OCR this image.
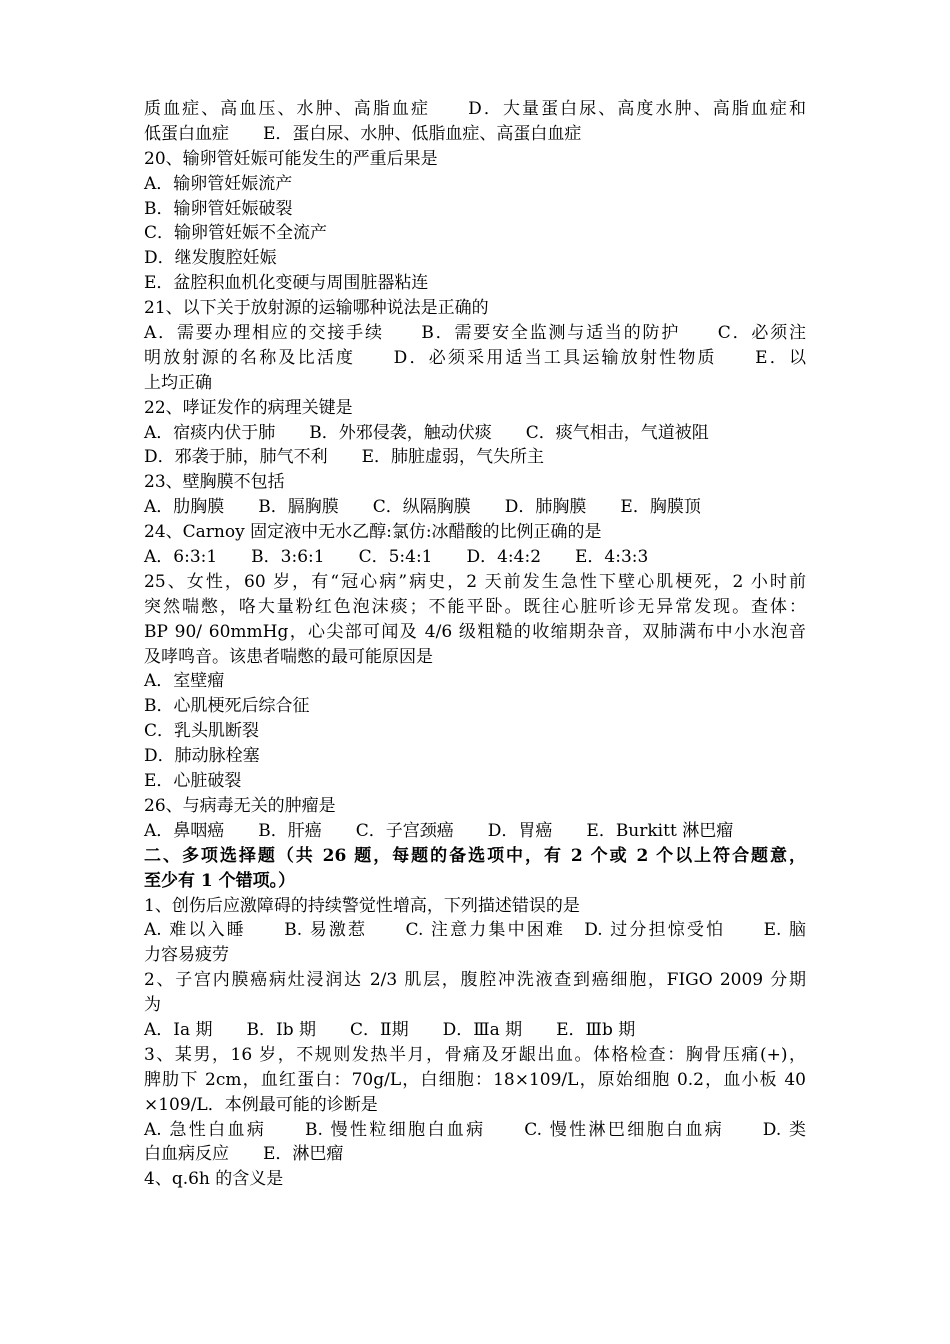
质血症、高血压、水肿、高脂血症　　D．大量蛋白尿、高度水肿、高脂血症和
低蛋白血症　　E．蛋白尿、水肿、低脂血症、高蛋白血症
20、输卵管妊娠可能发生的严重后果是
A．输卵管妊娠流产
B．输卵管妊娠破裂
C．输卵管妊娠不全流产
D．继发腹腔妊娠
E．盆腔积血机化变硬与周围脏器粘连
21、以下关于放射源的运输哪种说法是正确的
A．需要办理相应的交接手续　　B．需要安全监测与适当的防护　　C．必须注
明放射源的名称及比活度　　D．必须采用适当工具运输放射性物质　　E．以
上均正确
22、哮证发作的病理关键是
A．宿痰内伏于肺　　B．外邪侵袭，触动伏痰　　C．痰气相击，气道被阻
D．邪袭于肺，肺气不利　　E．肺脏虚弱，气失所主
23、壁胸膜不包括
A．肋胸膜　　B．膈胸膜　　C．纵隔胸膜　　D．肺胸膜　　E．胸膜顶
24、Carnoy 固定液中无水乙醇:氯仿:冰醋酸的比例正确的是
A．6:3:1　　B．3:6:1　　C．5:4:1　　D．4:4:2　　E．4:3:3
25、女性，60 岁，有“冠心病”病史，2 天前发生急性下壁心肌梗死，2 小时前
突然喘憋，咯大量粉红色泡沫痰；不能平卧。既往心脏听诊无异常发现。查体：
BP 90/ 60mmHg，心尖部可闻及 4/6 级粗糙的收缩期杂音，双肺满布中小水泡音
及哮鸣音。该患者喘憋的最可能原因是
A．室壁瘤
B．心肌梗死后综合征
C．乳头肌断裂
D．肺动脉栓塞
E．心脏破裂
26、与病毒无关的肿瘤是
A．鼻咽癌　　B．肝癌　　C．子宫颈癌　　D．胃癌　　E．Burkitt 淋巴瘤
二、多项选择题（共 26 题，每题的备选项中，有 2 个或 2 个以上符合题意，
至少有 1 个错项。）
1、创伤后应激障碍的持续警觉性增高，下列描述错误的是
A. 难以入睡　　B. 易激惹　　C. 注意力集中困难　D. 过分担惊受怕　　E. 脑
力容易疲劳
2、子宫内膜癌病灶浸润达 2/3 肌层，腹腔冲洗液查到癌细胞，FIGO 2009 分期
为
A．Ⅰa 期　　B．Ⅰb 期　　C．Ⅱ期　　D．Ⅲa 期　　E．Ⅲb 期
3、某男，16 岁，不规则发热半月，骨痛及牙龈出血。体格检查：胸骨压痛(+)，
脾肋下 2cm，血红蛋白：70g/L，白细胞：18×109/L，原始细胞 0.2，血小板 40
×109/L．本例最可能的诊断是
A. 急性白血病　　B. 慢性粒细胞白血病　　C. 慢性淋巴细胞白血病　　D. 类
白血病反应　　E．淋巴瘤
4、q.6h 的含义是
